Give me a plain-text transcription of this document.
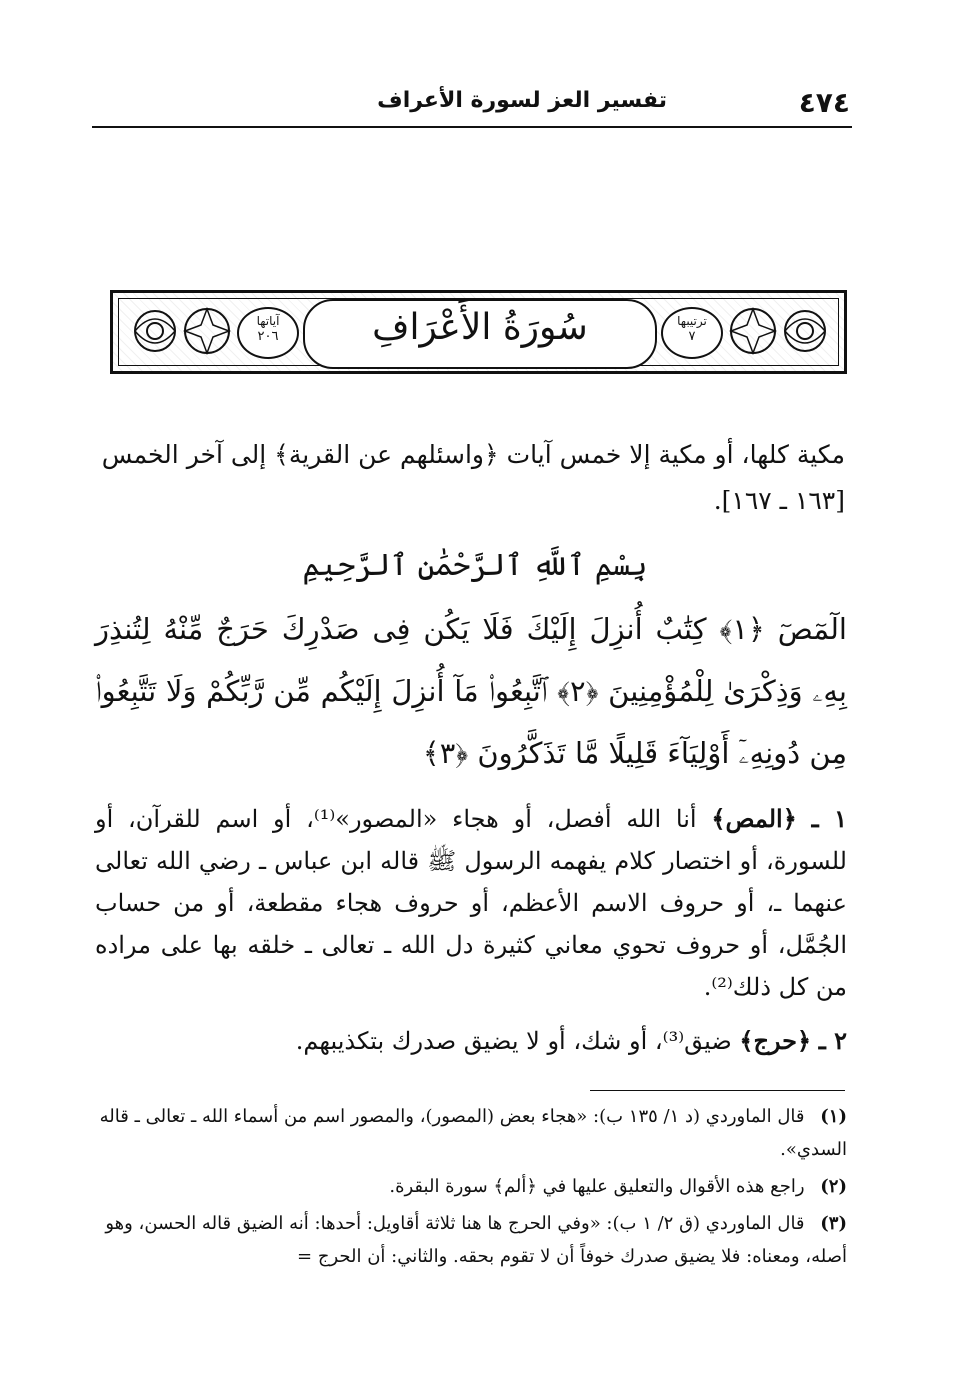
٤٧٤
تفسير العز لسورة الأعراف
آياتها
٢٠٦	سُورَةُ الأَعْرَافِ	ترتيبها
٧
مكية كلها، أو مكية إلا خمس آيات ﴿واسئلهم عن القرية﴾ إلى آخر الخمس [١٦٣ ـ ١٦٧].
بِسْمِ ٱللَّهِ ٱلرَّحْمَٰنِ ٱلرَّحِيمِ
الٓمٓصٓ ﴿١﴾ كِتَٰبٌ أُنزِلَ إِلَيْكَ فَلَا يَكُن فِى صَدْرِكَ حَرَجٌ مِّنْهُ لِتُنذِرَ بِهِۦ وَذِكْرَىٰ لِلْمُؤْمِنِينَ ﴿٢﴾ ٱتَّبِعُوا۟ مَآ أُنزِلَ إِلَيْكُم مِّن رَّبِّكُمْ وَلَا تَتَّبِعُوا۟ مِن دُونِهِۦٓ أَوْلِيَآءَ قَلِيلًا مَّا تَذَكَّرُونَ ﴿٣﴾
١ ـ ﴿المص﴾ أنا الله أفصل، أو هجاء «المصور»⁽¹⁾، أو اسم للقرآن، أو للسورة، أو اختصار كلام يفهمه الرسول ﷺ قاله ابن عباس ـ رضي الله تعالى عنهما ـ، أو حروف الاسم الأعظم، أو حروف هجاء مقطعة، أو من حساب الجُمَّل، أو حروف تحوي معاني كثيرة دل الله ـ تعالى ـ خلقه بها على مراده من كل ذلك⁽²⁾.
٢ ـ ﴿حرج﴾ ضيق⁽³⁾، أو شك، أو لا يضيق صدرك بتكذيبهم.
(١) قال الماوردي (د ١/ ١٣٥ ب): «هجاء بعض (المصور)، والمصور اسم من أسماء الله ـ تعالى ـ قاله السدي».
(٢) راجع هذه الأقوال والتعليق عليها في ﴿ألم﴾ سورة البقرة.
(٣) قال الماوردي (ق ٢/ ١ ب): «وفي الحرج ها هنا ثلاثة أقاويل: أحدها: أنه الضيق قاله الحسن، وهو أصله، ومعناه: فلا يضيق صدرك خوفاً أن لا تقوم بحقه. والثاني: أن الحرج =
